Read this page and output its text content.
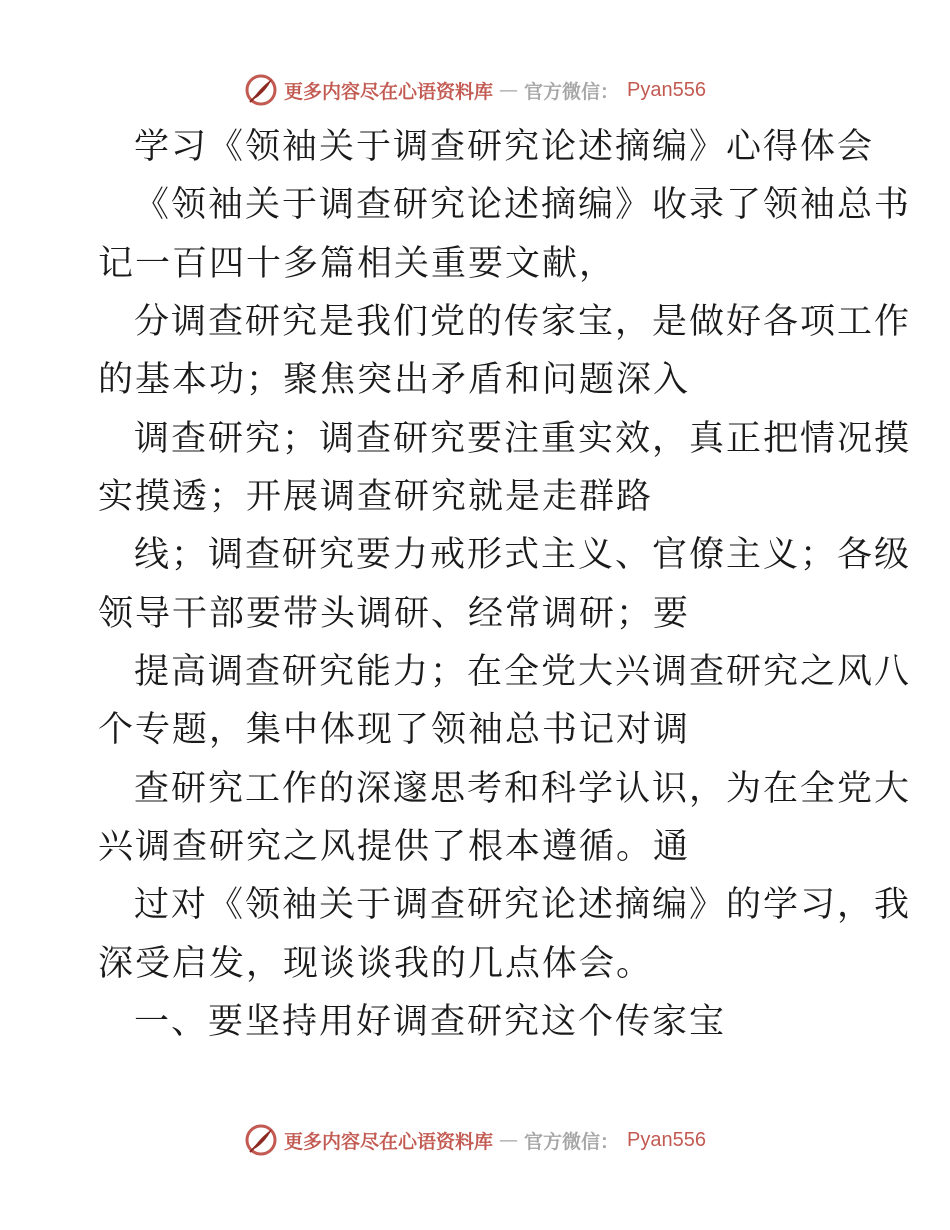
更多内容尽在心语资料库 — 官方微信： Pyan556
学习《领袖关于调查研究论述摘编》心得体会
《领袖关于调查研究论述摘编》收录了领袖总书
记一百四十多篇相关重要文献，
分调查研究是我们党的传家宝，是做好各项工作
的基本功；聚焦突出矛盾和问题深入
调查研究；调查研究要注重实效，真正把情况摸
实摸透；开展调查研究就是走群路
线；调查研究要力戒形式主义、官僚主义；各级
领导干部要带头调研、经常调研；要
提高调查研究能力；在全党大兴调查研究之风八
个专题，集中体现了领袖总书记对调
查研究工作的深邃思考和科学认识，为在全党大
兴调查研究之风提供了根本遵循。通
过对《领袖关于调查研究论述摘编》的学习，我
深受启发，现谈谈我的几点体会。
一、要坚持用好调查研究这个传家宝
更多内容尽在心语资料库 — 官方微信： Pyan556
